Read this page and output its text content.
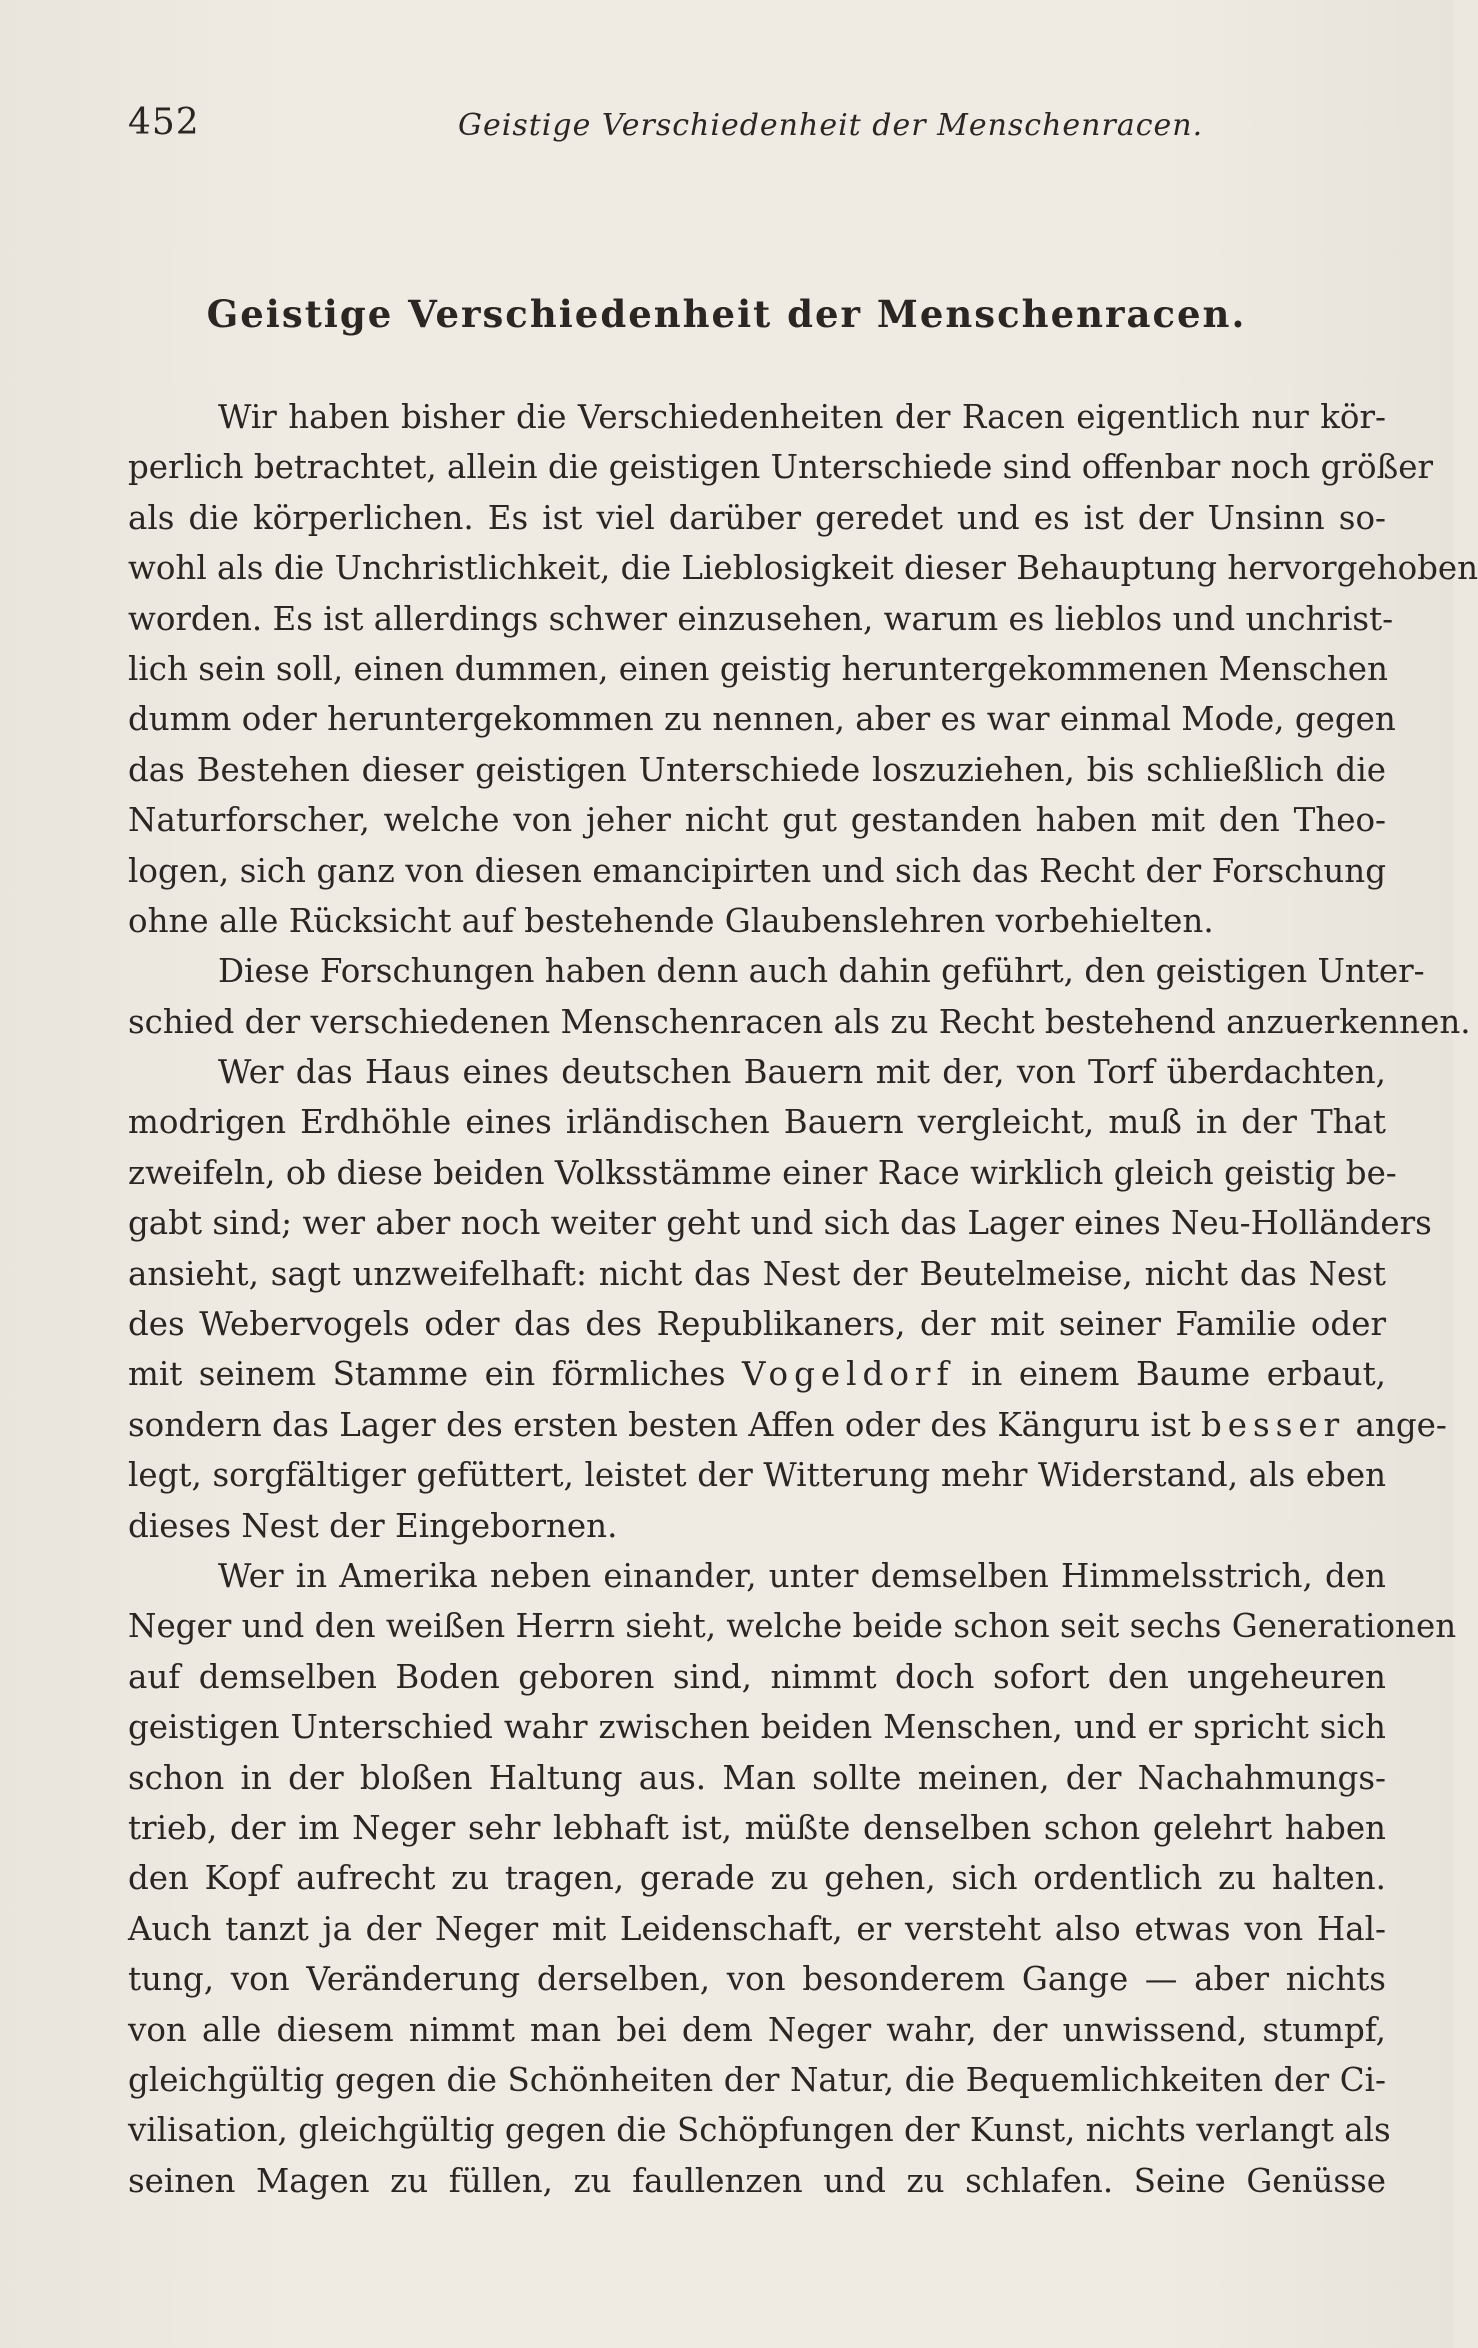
452	Geistige Verschiedenheit der Menschenracen.
Geistige Verschiedenheit der Menschenracen.
Wir haben bisher die Verschiedenheiten der Racen eigentlich nur kör-
perlich betrachtet, allein die geistigen Unterschiede sind offenbar noch größer
als die körperlichen. Es ist viel darüber geredet und es ist der Unsinn so-
wohl als die Unchristlichkeit, die Lieblosigkeit dieser Behauptung hervorgehoben
worden. Es ist allerdings schwer einzusehen, warum es lieblos und unchrist-
lich sein soll, einen dummen, einen geistig heruntergekommenen Menschen
dumm oder heruntergekommen zu nennen, aber es war einmal Mode, gegen
das Bestehen dieser geistigen Unterschiede loszuziehen, bis schließlich die
Naturforscher, welche von jeher nicht gut gestanden haben mit den Theo-
logen, sich ganz von diesen emancipirten und sich das Recht der Forschung
ohne alle Rücksicht auf bestehende Glaubenslehren vorbehielten.
Diese Forschungen haben denn auch dahin geführt, den geistigen Unter-
schied der verschiedenen Menschenracen als zu Recht bestehend anzuerkennen.
Wer das Haus eines deutschen Bauern mit der, von Torf überdachten,
modrigen Erdhöhle eines irländischen Bauern vergleicht, muß in der That
zweifeln, ob diese beiden Volksstämme einer Race wirklich gleich geistig be-
gabt sind; wer aber noch weiter geht und sich das Lager eines Neu-Holländers
ansieht, sagt unzweifelhaft: nicht das Nest der Beutelmeise, nicht das Nest
des Webervogels oder das des Republikaners, der mit seiner Familie oder
mit seinem Stamme ein förmliches Vogeldorf in einem Baume erbaut,
sondern das Lager des ersten besten Affen oder des Känguru ist besser ange-
legt, sorgfältiger gefüttert, leistet der Witterung mehr Widerstand, als eben
dieses Nest der Eingebornen.
Wer in Amerika neben einander, unter demselben Himmelsstrich, den
Neger und den weißen Herrn sieht, welche beide schon seit sechs Generationen
auf demselben Boden geboren sind, nimmt doch sofort den ungeheuren
geistigen Unterschied wahr zwischen beiden Menschen, und er spricht sich
schon in der bloßen Haltung aus. Man sollte meinen, der Nachahmungs-
trieb, der im Neger sehr lebhaft ist, müßte denselben schon gelehrt haben
den Kopf aufrecht zu tragen, gerade zu gehen, sich ordentlich zu halten.
Auch tanzt ja der Neger mit Leidenschaft, er versteht also etwas von Hal-
tung, von Veränderung derselben, von besonderem Gange — aber nichts
von alle diesem nimmt man bei dem Neger wahr, der unwissend, stumpf,
gleichgültig gegen die Schönheiten der Natur, die Bequemlichkeiten der Ci-
vilisation, gleichgültig gegen die Schöpfungen der Kunst, nichts verlangt als
seinen Magen zu füllen, zu faullenzen und zu schlafen. Seine Genüsse
